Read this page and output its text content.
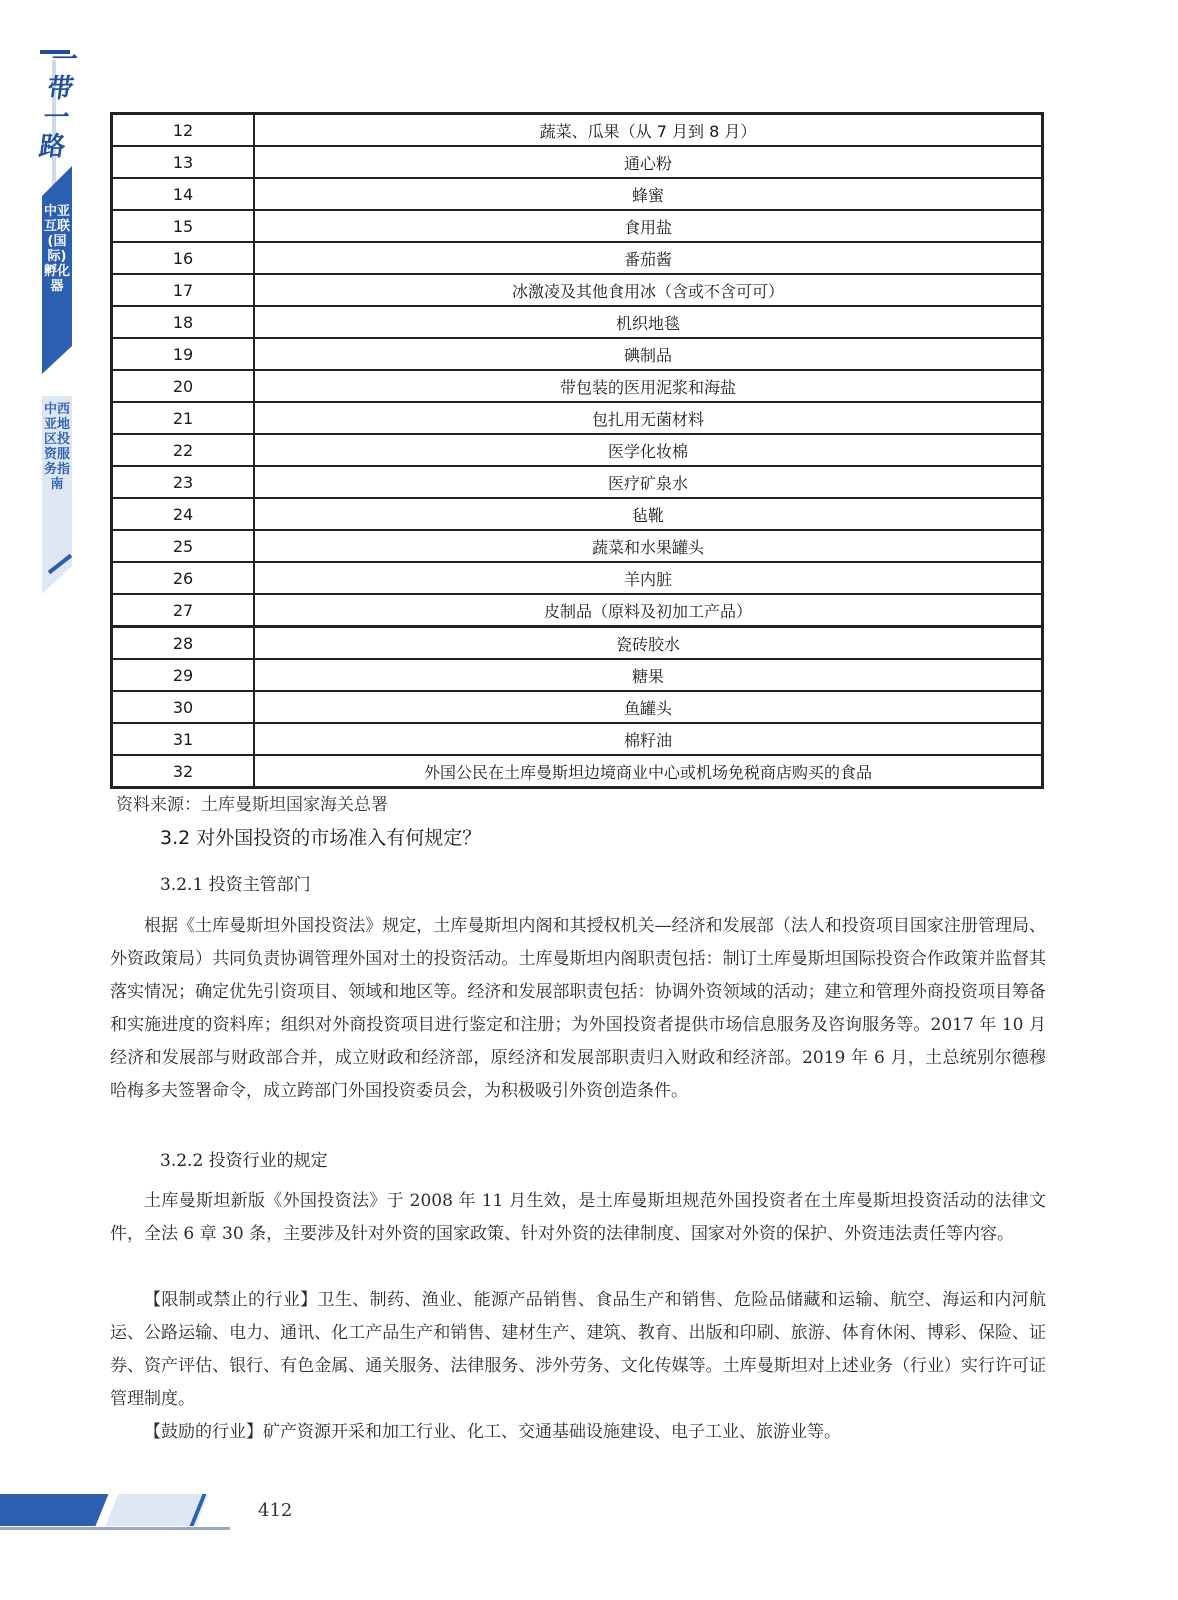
一
带
一
路
中亚互联(国际)孵化器
中西亚地区投资服务指南
12	蔬菜、瓜果（从 7 月到 8 月）
13	通心粉
14	蜂蜜
15	食用盐
16	番茄酱
17	冰激凌及其他食用冰（含或不含可可）
18	机织地毯
19	碘制品
20	带包装的医用泥浆和海盐
21	包扎用无菌材料
22	医学化妆棉
23	医疗矿泉水
24	毡靴
25	蔬菜和水果罐头
26	羊内脏
27	皮制品（原料及初加工产品）
28	瓷砖胶水
29	糖果
30	鱼罐头
31	棉籽油
32	外国公民在土库曼斯坦边境商业中心或机场免税商店购买的食品
资料来源：土库曼斯坦国家海关总署
3.2 对外国投资的市场准入有何规定？
3.2.1 投资主管部门
根据《土库曼斯坦外国投资法》规定，土库曼斯坦内阁和其授权机关—经济和发展部（法人和投资项目国家注册管理局、外资政策局）共同负责协调管理外国对土的投资活动。土库曼斯坦内阁职责包括：制订土库曼斯坦国际投资合作政策并监督其落实情况；确定优先引资项目、领域和地区等。经济和发展部职责包括：协调外资领域的活动；建立和管理外商投资项目筹备和实施进度的资料库；组织对外商投资项目进行鉴定和注册；为外国投资者提供市场信息服务及咨询服务等。2017 年 10 月经济和发展部与财政部合并，成立财政和经济部，原经济和发展部职责归入财政和经济部。2019 年 6 月，土总统别尔德穆哈梅多夫签署命令，成立跨部门外国投资委员会，为积极吸引外资创造条件。
3.2.2 投资行业的规定
土库曼斯坦新版《外国投资法》于 2008 年 11 月生效，是土库曼斯坦规范外国投资者在土库曼斯坦投资活动的法律文件，全法 6 章 30 条，主要涉及针对外资的国家政策、针对外资的法律制度、国家对外资的保护、外资违法责任等内容。
【限制或禁止的行业】卫生、制药、渔业、能源产品销售、食品生产和销售、危险品储藏和运输、航空、海运和内河航运、公路运输、电力、通讯、化工产品生产和销售、建材生产、建筑、教育、出版和印刷、旅游、体育休闲、博彩、保险、证券、资产评估、银行、有色金属、通关服务、法律服务、涉外劳务、文化传媒等。土库曼斯坦对上述业务（行业）实行许可证管理制度。
【鼓励的行业】矿产资源开采和加工行业、化工、交通基础设施建设、电子工业、旅游业等。
412
